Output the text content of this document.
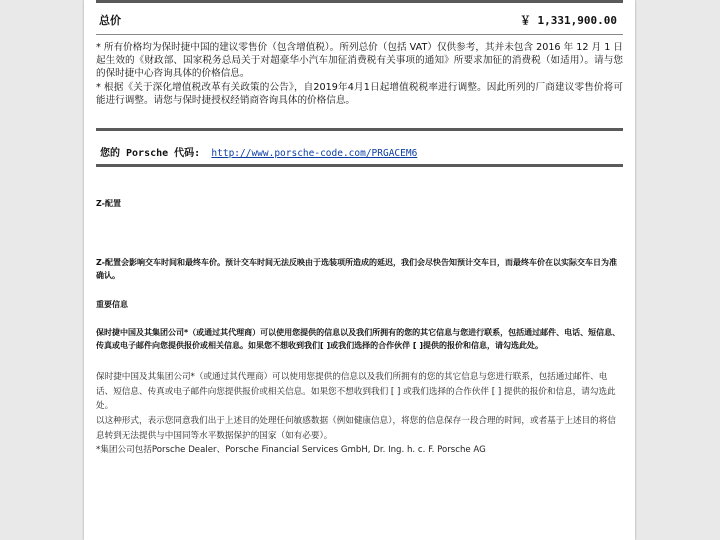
总价	￥ 1,331,900.00
* 所有价格均为保时捷中国的建议零售价（包含增值税）。所列总价（包括 VAT）仅供参考，其并未包含 2016 年 12 月 1 日起生效的《财政部、国家税务总局关于对超豪华小汽车加征消费税有关事项的通知》所要求加征的消费税（如适用）。请与您的保时捷中心咨询具体的价格信息。
* 根据《关于深化增值税改革有关政策的公告》，自2019年4月1日起增值税税率进行调整。因此所列的厂商建议零售价将可能进行调整。请您与保时捷授权经销商咨询具体的价格信息。
您的 Porsche 代码: http://www.porsche-code.com/PRGACEM6
Z-配置
Z-配置会影响交车时间和最终车价。预计交车时间无法反映由于选装项所造成的延迟，我们会尽快告知预计交车日，而最终车价在以实际交车日为准确认。
重要信息
保时捷中国及其集团公司*（或通过其代理商）可以使用您提供的信息以及我们所拥有的您的其它信息与您进行联系，包括通过邮件、电话、短信息、传真或电子邮件向您提供报价或相关信息。如果您不想收到我们[ ]或我们选择的合作伙伴 [ ]提供的报价和信息，请勾选此处。
保时捷中国及其集团公司*（或通过其代理商）可以使用您提供的信息以及我们所拥有的您的其它信息与您进行联系，包括通过邮件、电话、短信息、传真或电子邮件向您提供报价或相关信息。如果您不想收到我们 [ ] 或我们选择的合作伙伴 [ ] 提供的报价和信息，请勾选此处。
以这种形式，表示您同意我们出于上述目的处理任何敏感数据（例如健康信息），将您的信息保存一段合理的时间，或者基于上述目的将信息转到无法提供与中国同等水平数据保护的国家（如有必要）。
*集团公司包括Porsche Dealer、Porsche Financial Services GmbH, Dr. Ing. h. c. F. Porsche AG
